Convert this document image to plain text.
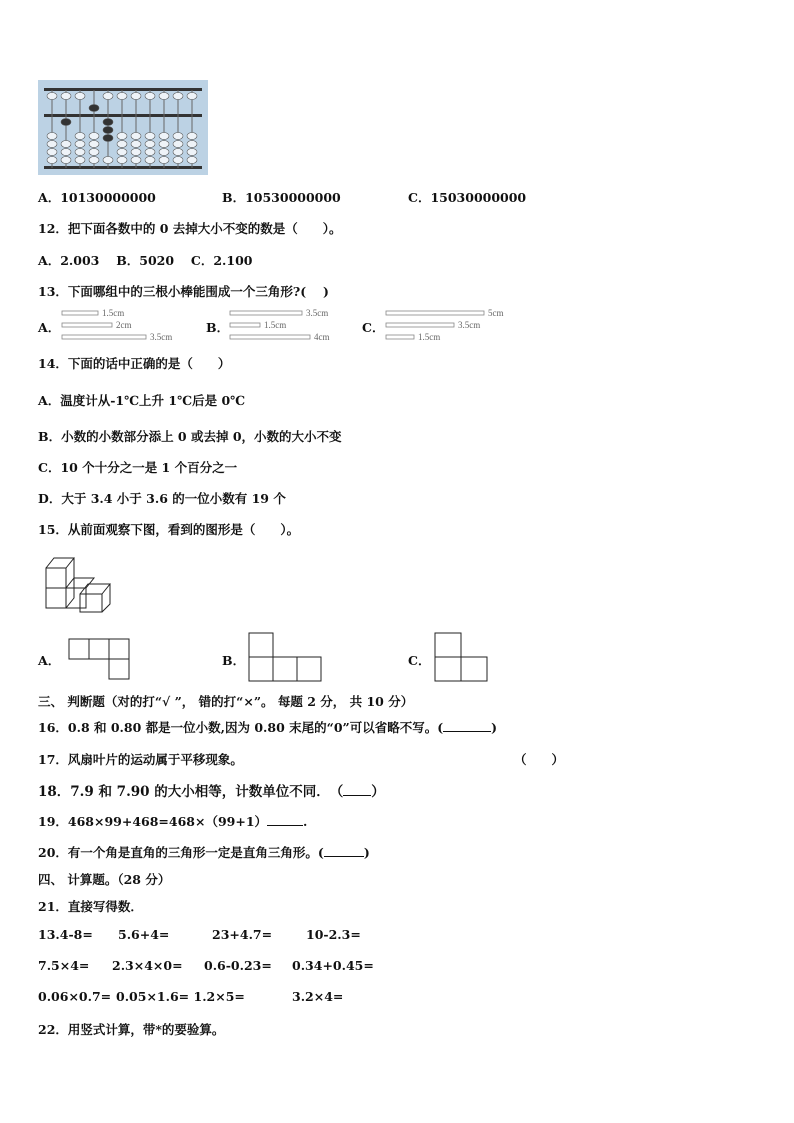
A．10130000000	B．10530000000	C．15030000000
12．把下面各数中的 0 去掉大小不变的数是（　　）。
A．2.003　 B．5020　 C．2.100
13．下面哪组中的三根小棒能围成一个三角形?(　 )
A．
1.5cm
2cm
3.5cm
B．
3.5cm
1.5cm
4cm
C．
5cm
3.5cm
1.5cm
14．下面的话中正确的是（　　）
A．温度计从-1℃上升 1℃后是 0℃
B．小数的小数部分添上 0 或去掉 0，小数的大小不变
C．10 个十分之一是 1 个百分之一
D．大于 3.4 小于 3.6 的一位小数有 19 个
15．从前面观察下图，看到的图形是（　　）。
A．	B．	C．
三、 判断题（对的打“√ ”， 错的打“×”。 每题 2 分， 共 10 分）
16．0.8 和 0.80 都是一位小数,因为 0.80 末尾的“0”可以省略不写。(	)
17．风扇叶片的运动属于平移现象。	（　　）
18．7.9 和 7.90 的大小相等，计数单位不同．　（ ）
19．468×99+468=468×（99+1）	.
20．有一个角是直角的三角形一定是直角三角形。(	)
四、 计算题。（28 分）
21．直接写得数．
13.4-8= 5.6+4=	23+4.7=	10-2.3=
7.5×4= 2.3×4×0= 0.6-0.23= 0.34+0.45=
0.06×0.7= 0.05×1.6= 1.2×5=	3.2×4=
22．用竖式计算，带*的要验算。
